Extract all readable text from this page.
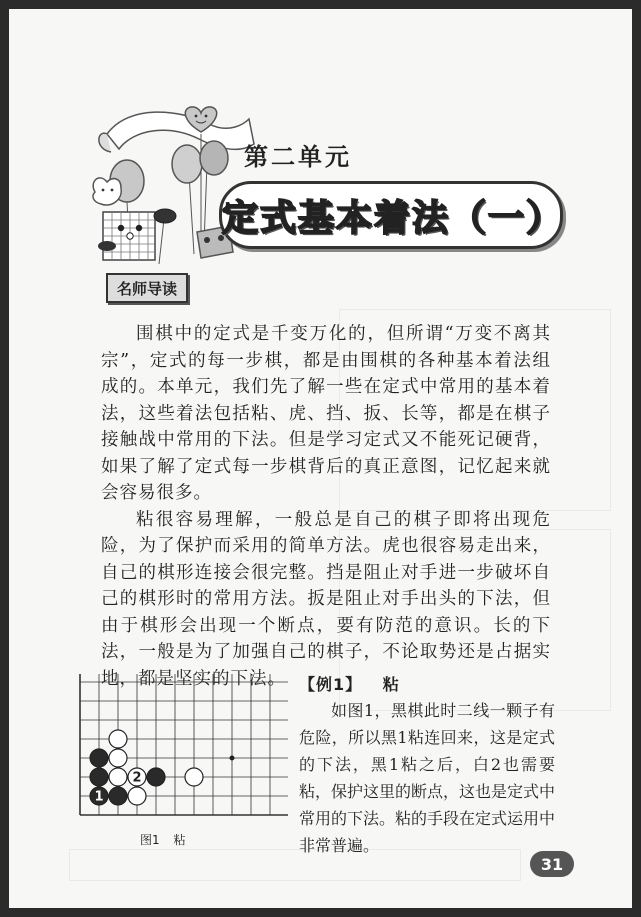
第二单元
定式基本着法（一）
名师导读

围棋中的定式是千变万化的，但所谓“万变不离其宗”，定式的每一步棋，都是由围棋的各种基本着法组成的。本单元，我们先了解一些在定式中常用的基本着法，这些着法包括粘、虎、挡、扳、长等，都是在棋子接触战中常用的下法。但是学习定式又不能死记硬背，如果了解了定式每一步棋背后的真正意图，记忆起来就会容易很多。

粘很容易理解，一般总是自己的棋子即将出现危险，为了保护而采用的简单方法。虎也很容易走出来，自己的棋形连接会很完整。挡是阻止对手进一步破坏自己的棋形时的常用方法。扳是阻止对手出头的下法，但由于棋形会出现一个断点，要有防范的意识。长的下法，一般是为了加强自己的棋子，不论取势还是占据实地，都是坚实的下法。

2
1
图1 粘
【例1】 粘

如图1，黑棋此时二线一颗子有危险，所以黑1粘连回来，这是定式的下法，黑1粘之后，白2也需要粘，保护这里的断点，这也是定式中常用的下法。粘的手段在定式运用中非常普遍。

31
